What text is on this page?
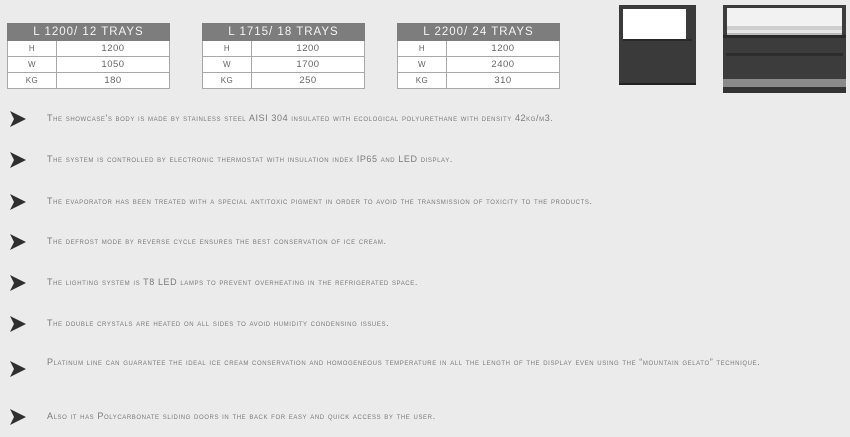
L 1200/ 12 TRAYS	
H	1200
W	1050
KG	180
L 1715/ 18 TRAYS	
H	1200
W	1700
KG	250
L 2200/ 24 TRAYS	
H	1200
W	2400
KG	310
The showcase's body is made by stainless steel AISI 304 insulated with ecological polyurethane with density 42kg/m3.
The system is controlled by electronic thermostat with insulation index IP65 and LED display.
The evaporator has been treated with a special antitoxic pigment in order to avoid the transmission of toxicity to the products.
The defrost mode by reverse cycle ensures the best conservation of ice cream.
The lighting system is T8 LED lamps to prevent overheating in the refrigerated space.
The double crystals are heated on all sides to avoid humidity condensing issues.
Platinum line can guarantee the ideal ice cream conservation and homogeneous temperature in all the length of the display even using the “mountain gelato” technique.
Also it has Polycarbonate sliding doors in the back for easy and quick access by the user.
